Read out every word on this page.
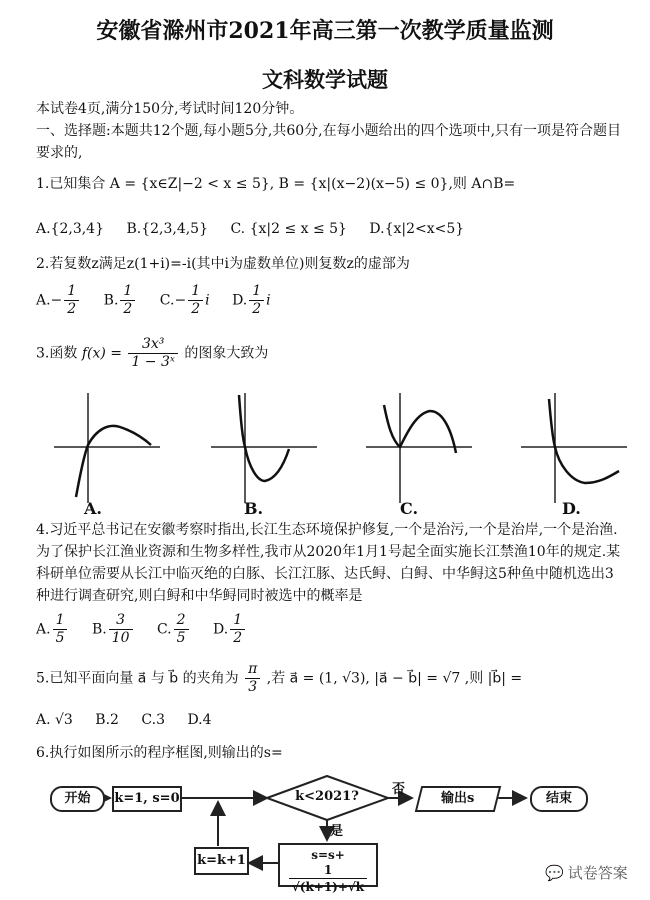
安徽省滁州市2021年高三第一次教学质量监测
文科数学试题
本试卷4页,满分150分,考试时间120分钟。
一、选择题:本题共12个题,每小题5分,共60分,在每小题给出的四个选项中,只有一项是符合题目要求的,
1.已知集合 A = {x∈Z|−2 < x ≤ 5}, B = {x|(x−2)(x−5) ≤ 0},则 A∩B=
A.{2,3,4} B.{2,3,4,5} C. {x|2 ≤ x ≤ 5} D.{x|2<x<5}
2.若复数z满足z(1+i)=-i(其中i为虚数单位)则复数z的虚部为
$A.- \frac{1}{2} B$. $\frac{1}{2} C.- \frac{1}{2}$ i D. $\frac{1}{2}$ i
3.函数 $f(x) = \frac{\text{3x³}}{\text{1 − 3ˣ}}$ 的图象大致为
A.	B.	C.	D.
4.习近平总书记在安徽考察时指出,长江生态环境保护修复,一个是治污,一个是治岸,一个是治渔.为了保护长江渔业资源和生物多样性,我市从2020年1月1号起全面实施长江禁渔10年的规定.某科研单位需要从长江中临灭绝的白豚、长江江豚、达氏鲟、白鲟、中华鲟这5种鱼中随机选出3种进行调查研究,则白鲟和中华鲟同时被选中的概率是
A. $\frac{1}{5} B$. $\frac{3}{10} C$. $\frac{2}{5} D$. $\frac{1}{2}$
5.已知平面向量 a⃗ 与 b⃗ 的夹角为 $\frac{\pi}{3}$ ,若 a⃗ = (1, √3), |a⃗ − b⃗| = √7 ,则 |b⃗| =
A. √3 B.2 C.3 D.4
6.执行如图所示的程序框图,则输出的s=
开始	k=1, s=0	k<2021?	否
输出s	结束
是
k=k+1	s=s+
$\frac{1}{√(k+1)+√k}$	💬 试卷答案
